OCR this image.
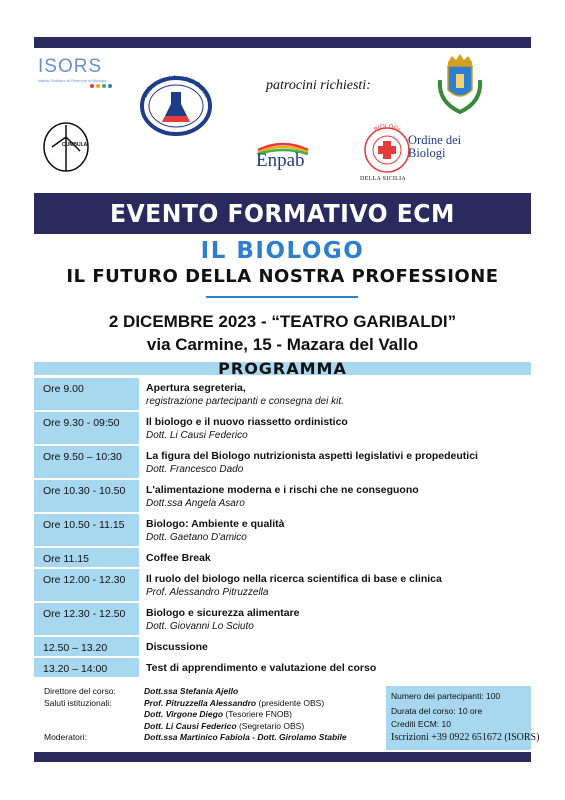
ISORS
Istituto Siciliano di Ricerche in Biologia
Laboratori Analisi Salus
CUMBULA
patrocini richiesti:
Enpab
BIOLOGI
Ordine dei Biologi
DELLA SICILIA
EVENTO FORMATIVO ECM
IL BIOLOGO
IL FUTURO DELLA NOSTRA PROFESSIONE
2 DICEMBRE 2023 - “TEATRO GARIBALDI”
via Carmine, 15 - Mazara del Vallo
PROGRAMMA
Ore 9.00	Apertura segreteria,
registrazione partecipanti e consegna dei kit.
Ore 9.30 - 09:50	Il biologo e il nuovo riassetto ordinistico
Dott. Li Causi Federico
Ore 9.50 – 10:30	La figura del Biologo nutrizionista aspetti legislativi e propedeutici
Dott. Francesco Dado
Ore 10.30 - 10.50	L'alimentazione moderna e i rischi che ne conseguono
Dott.ssa Angela Asaro
Ore 10.50 - 11.15	Biologo: Ambiente e qualità
Dott. Gaetano D'amico
Ore 11.15	Coffee Break
Ore 12.00 - 12.30	Il ruolo del biologo nella ricerca scientifica di base e clinica
Prof. Alessandro Pitruzzella
Ore 12.30 - 12.50	Biologo e sicurezza alimentare
Dott. Giovanni Lo Sciuto
12.50 – 13.20	Discussione
13.20 – 14:00	Test di apprendimento e valutazione del corso
Direttore del corso:	Dott.ssa Stefania Ajello
Saluti istituzionali:	Prof. Pitruzzella Alessandro (presidente OBS)
Dott. Virgone Diego (Tesoriere FNOB)
Dott. Li Causi Federico (Segretario OBS)
Moderatori:	Dott.ssa Martinico Fabiola - Dott. Girolamo Stabile
Numero dei partecipanti: 100
Durata del corso: 10 ore
Crediti ECM: 10
Iscrizioni +39 0922 651672 (ISORS)
